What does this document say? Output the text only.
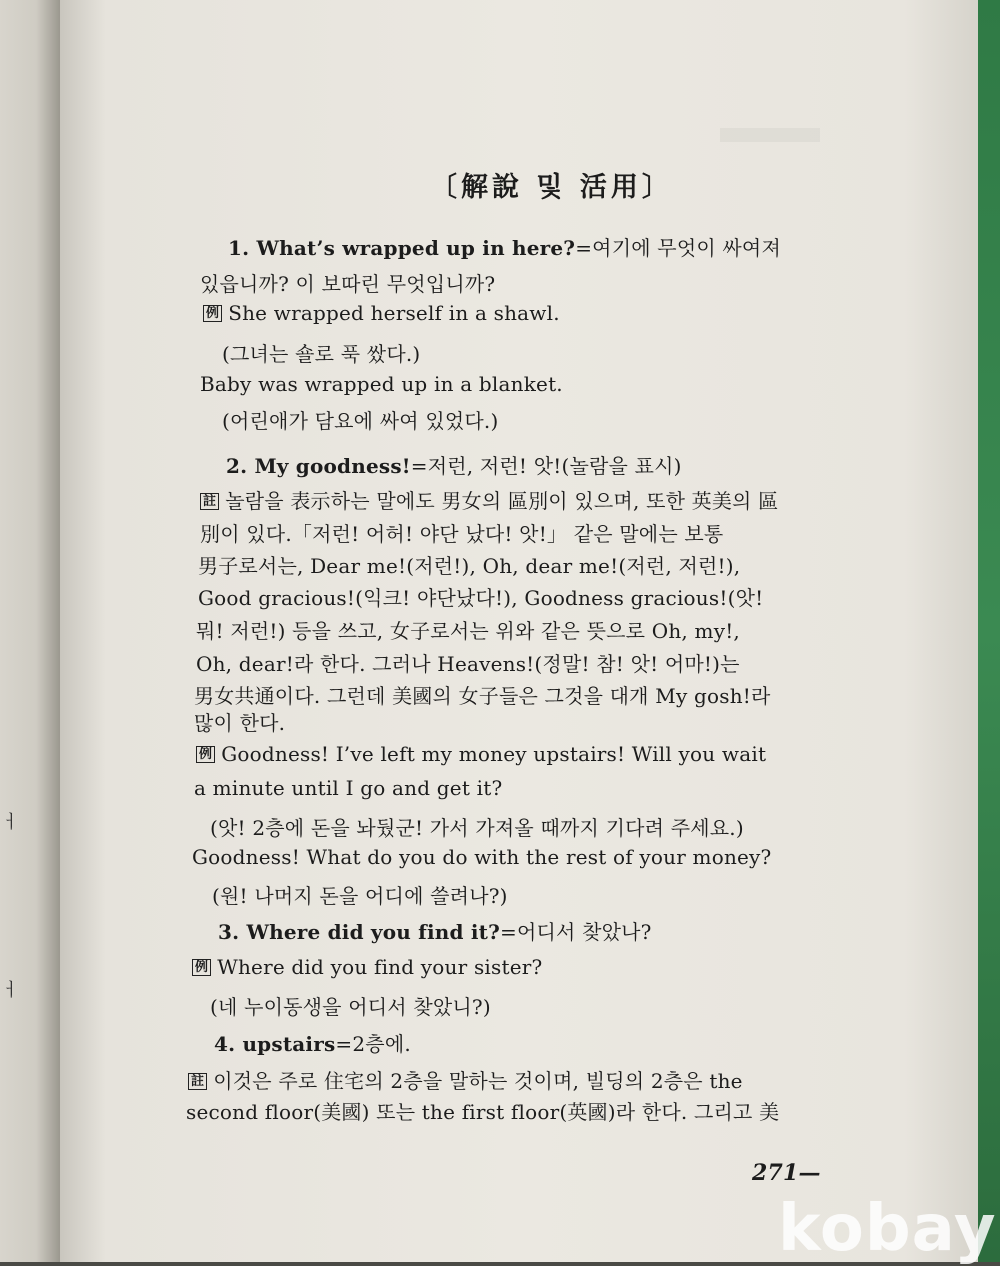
ㅓ
ㅓ
〔解說 및 活用〕
1. What’s wrapped up in here?=여기에 무엇이 싸여져
있읍니까? 이 보따린 무엇입니까?
例 She wrapped herself in a shawl.
(그녀는 숄로 푹 쌌다.)
Baby was wrapped up in a blanket.
(어린애가 담요에 싸여 있었다.)
2. My goodness!=저런, 저런! 앗!(놀람을 표시)
註 놀람을 表示하는 말에도 男女의 區別이 있으며, 또한 英美의 區
別이 있다.「저런! 어허! 야단 났다! 앗!」 같은 말에는 보통
男子로서는, Dear me!(저런!), Oh, dear me!(저런, 저런!),
Good gracious!(익크! 야단났다!), Goodness gracious!(앗!
뭐! 저런!) 등을 쓰고, 女子로서는 위와 같은 뜻으로 Oh, my!,
Oh, dear!라 한다. 그러나 Heavens!(정말! 참! 앗! 어마!)는
男女共通이다. 그런데 美國의 女子들은 그것을 대개 My gosh!라
많이 한다.
例 Goodness! I’ve left my money upstairs! Will you wait
a minute until I go and get it?
(앗! 2층에 돈을 놔뒀군! 가서 가져올 때까지 기다려 주세요.)
Goodness! What do you do with the rest of your money?
(원! 나머지 돈을 어디에 쓸려나?)
3. Where did you find it?=어디서 찾았나?
例 Where did you find your sister?
(네 누이동생을 어디서 찾았니?)
4. upstairs=2층에.
註 이것은 주로 住宅의 2층을 말하는 것이며, 빌딩의 2층은 the
second floor(美國) 또는 the first floor(英國)라 한다. 그리고 美
271—
kobay
